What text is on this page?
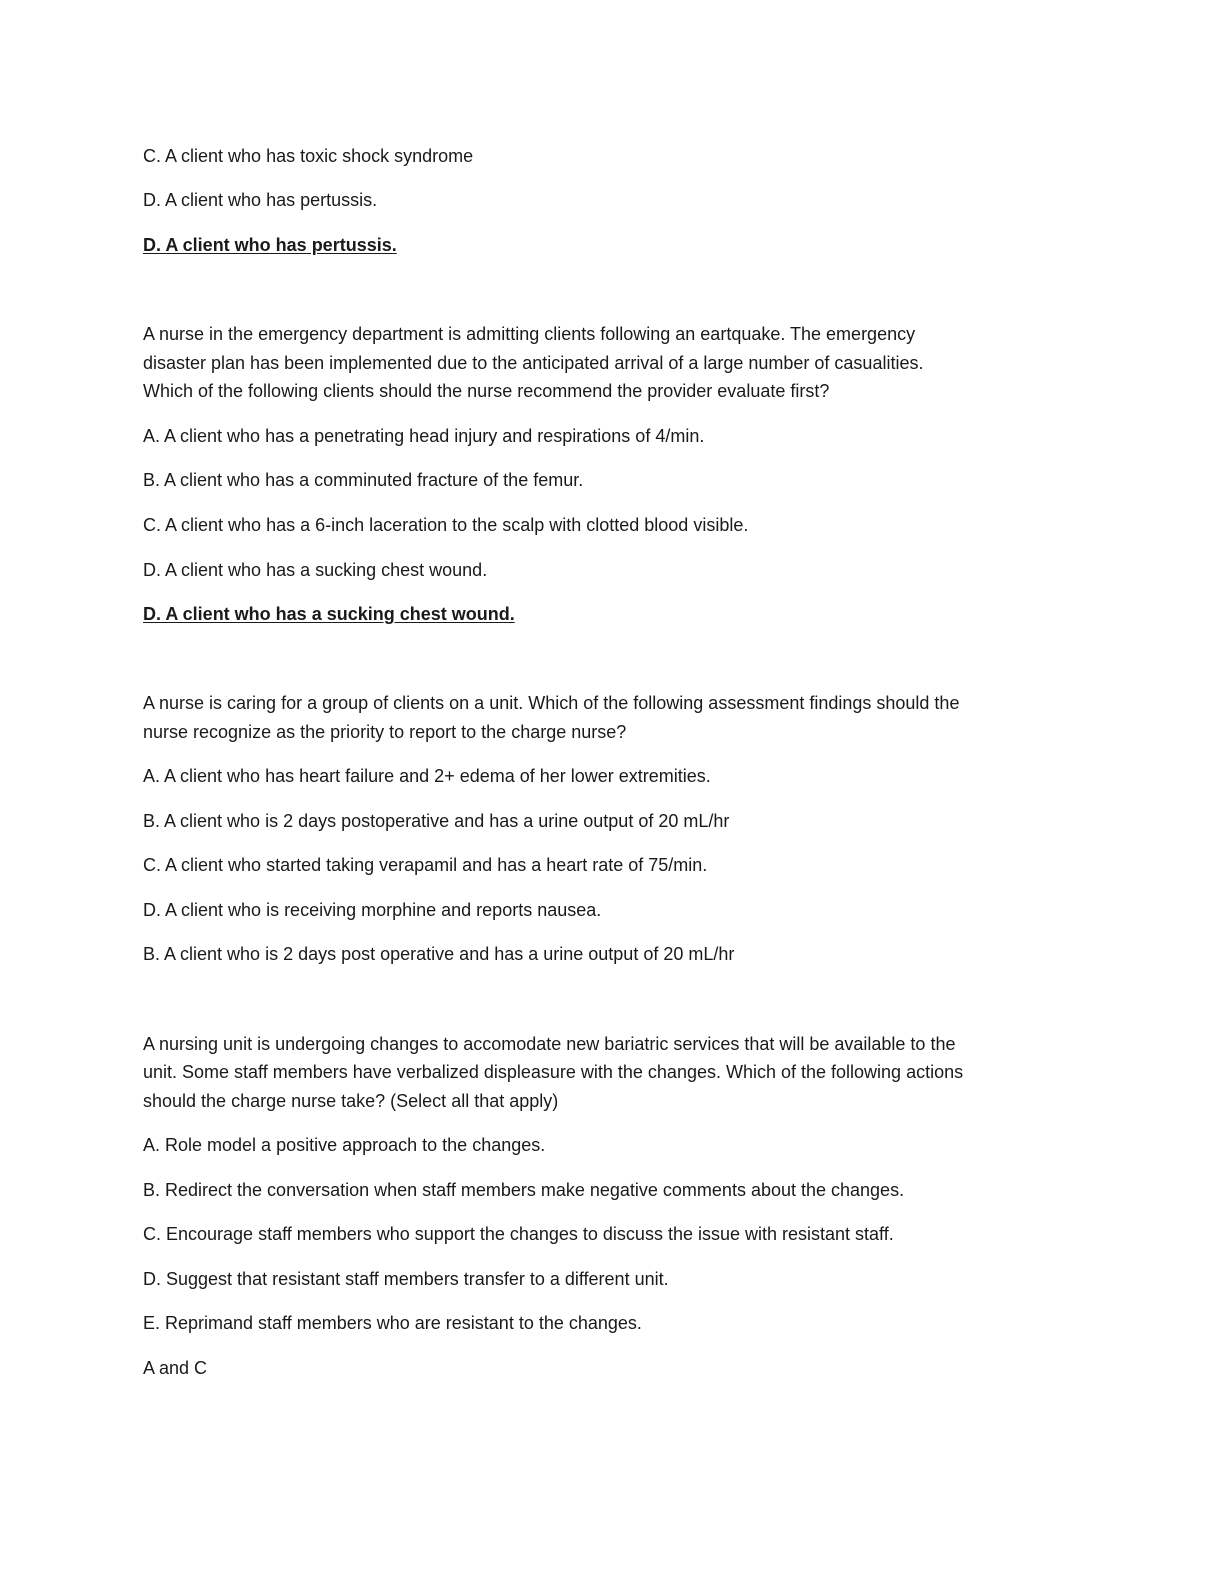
C. A client who has toxic shock syndrome
D. A client who has pertussis.
D. A client who has pertussis.
A nurse in the emergency department is admitting clients following an eartquake. The emergency
disaster plan has been implemented due to the anticipated arrival of a large number of casualities.
Which of the following clients should the nurse recommend the provider evaluate first?
A. A client who has a penetrating head injury and respirations of 4/min.
B. A client who has a comminuted fracture of the femur.
C. A client who has a 6-inch laceration to the scalp with clotted blood visible.
D. A client who has a sucking chest wound.
D. A client who has a sucking chest wound.
A nurse is caring for a group of clients on a unit. Which of the following assessment findings should the
nurse recognize as the priority to report to the charge nurse?
A. A client who has heart failure and 2+ edema of her lower extremities.
B. A client who is 2 days postoperative and has a urine output of 20 mL/hr
C. A client who started taking verapamil and has a heart rate of 75/min.
D. A client who is receiving morphine and reports nausea.
B. A client who is 2 days post operative and has a urine output of 20 mL/hr
A nursing unit is undergoing changes to accomodate new bariatric services that will be available to the
unit. Some staff members have verbalized displeasure with the changes. Which of the following actions
should the charge nurse take? (Select all that apply)
A. Role model a positive approach to the changes.
B. Redirect the conversation when staff members make negative comments about the changes.
C. Encourage staff members who support the changes to discuss the issue with resistant staff.
D. Suggest that resistant staff members transfer to a different unit.
E. Reprimand staff members who are resistant to the changes.
A and C
